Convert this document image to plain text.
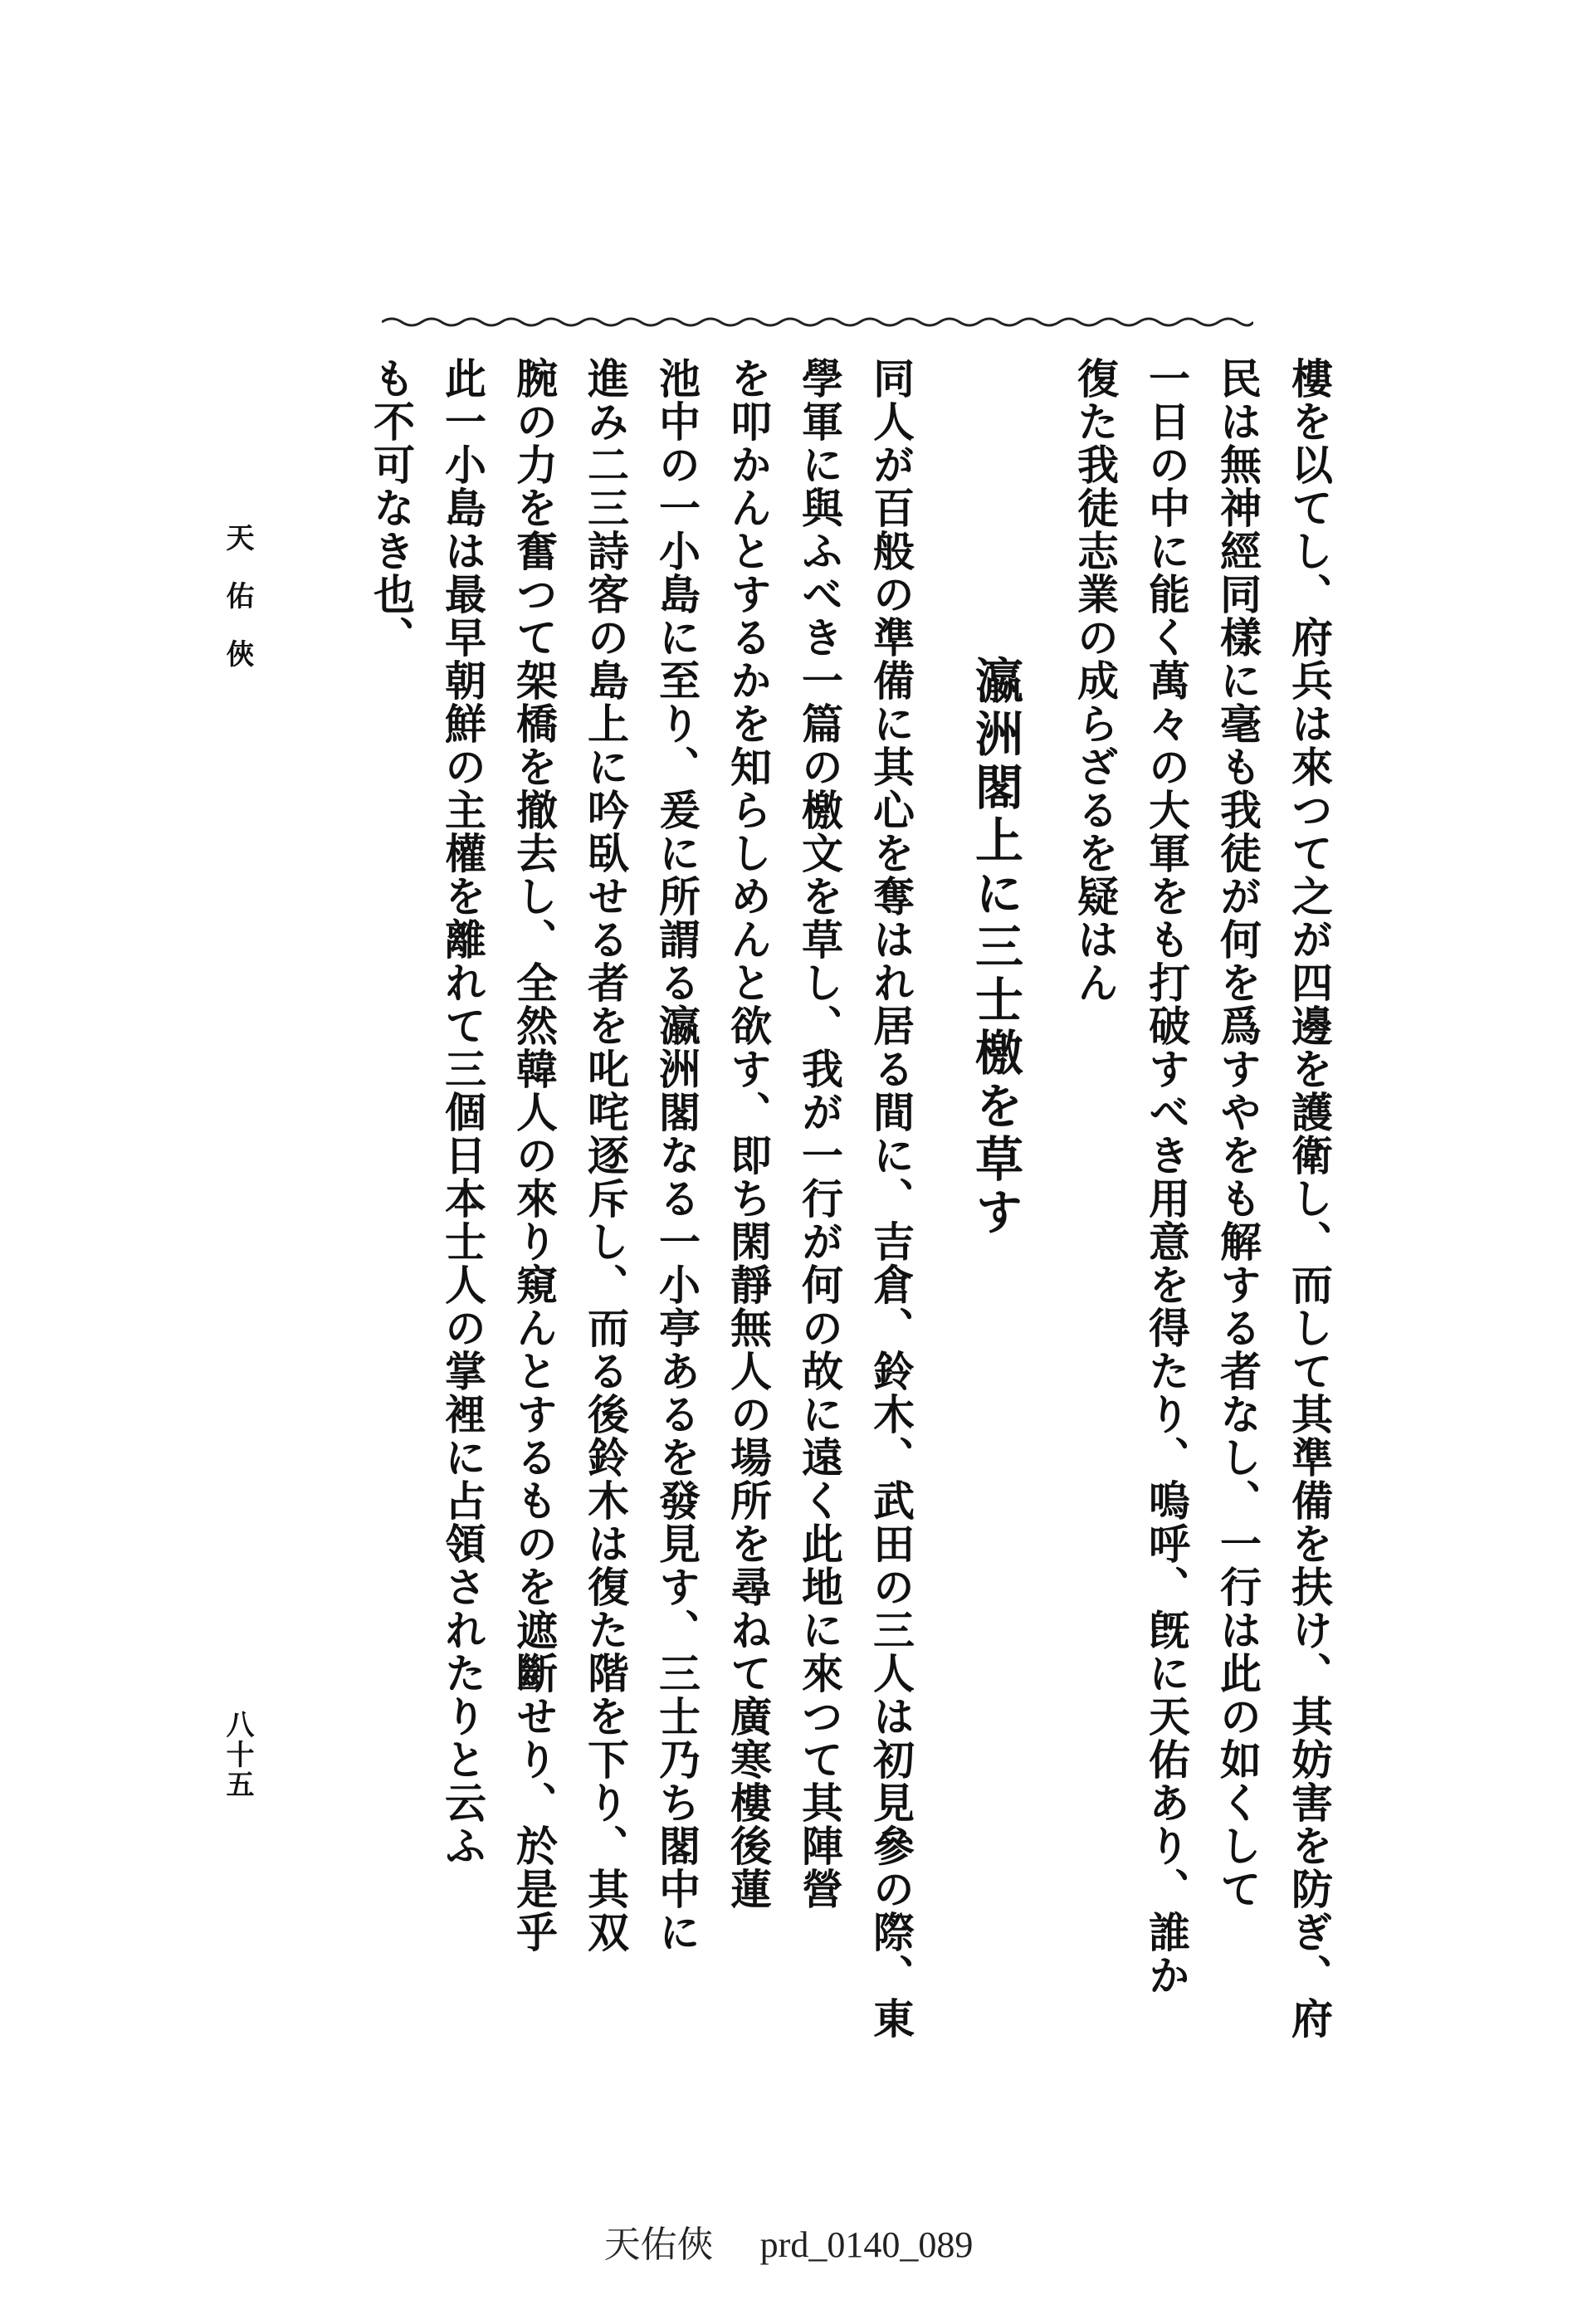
樓を以てし、府兵は來つて之が四邊を護衛し、而して其準備を扶け、其妨害を防ぎ、府
民は無神經同樣に毫も我徒が何を爲すやをも解する者なし、一行は此の如くして
一日の中に能く萬々の大軍をも打破すべき用意を得たり、嗚呼、旣に天佑あり、誰か
復た我徒志業の成らざるを疑はん
瀛洲閣上に三士檄を草す
同人が百般の準備に其心を奪はれ居る間に、吉倉、鈴木、武田の三人は初見參の際、東
學軍に與ふべき一篇の檄文を草し、我が一行が何の故に遠く此地に來つて其陣營
を叩かんとするかを知らしめんと欲す、即ち閑靜無人の場所を尋ねて廣寒樓後蓮
池中の一小島に至り、爰に所謂る瀛洲閣なる一小亭あるを發見す、三士乃ち閣中に
進み二三詩客の島上に吟臥せる者を叱咤逐斥し、而る後鈴木は復た階を下り、其双
腕の力を奮つて架橋を撤去し、全然韓人の來り窺んとするものを遮斷せり、於是乎
此一小島は最早朝鮮の主權を離れて三個日本士人の掌裡に占領されたりと云ふ
も不可なき也、
天佑俠
八十五
天佑俠 prd_0140_089
